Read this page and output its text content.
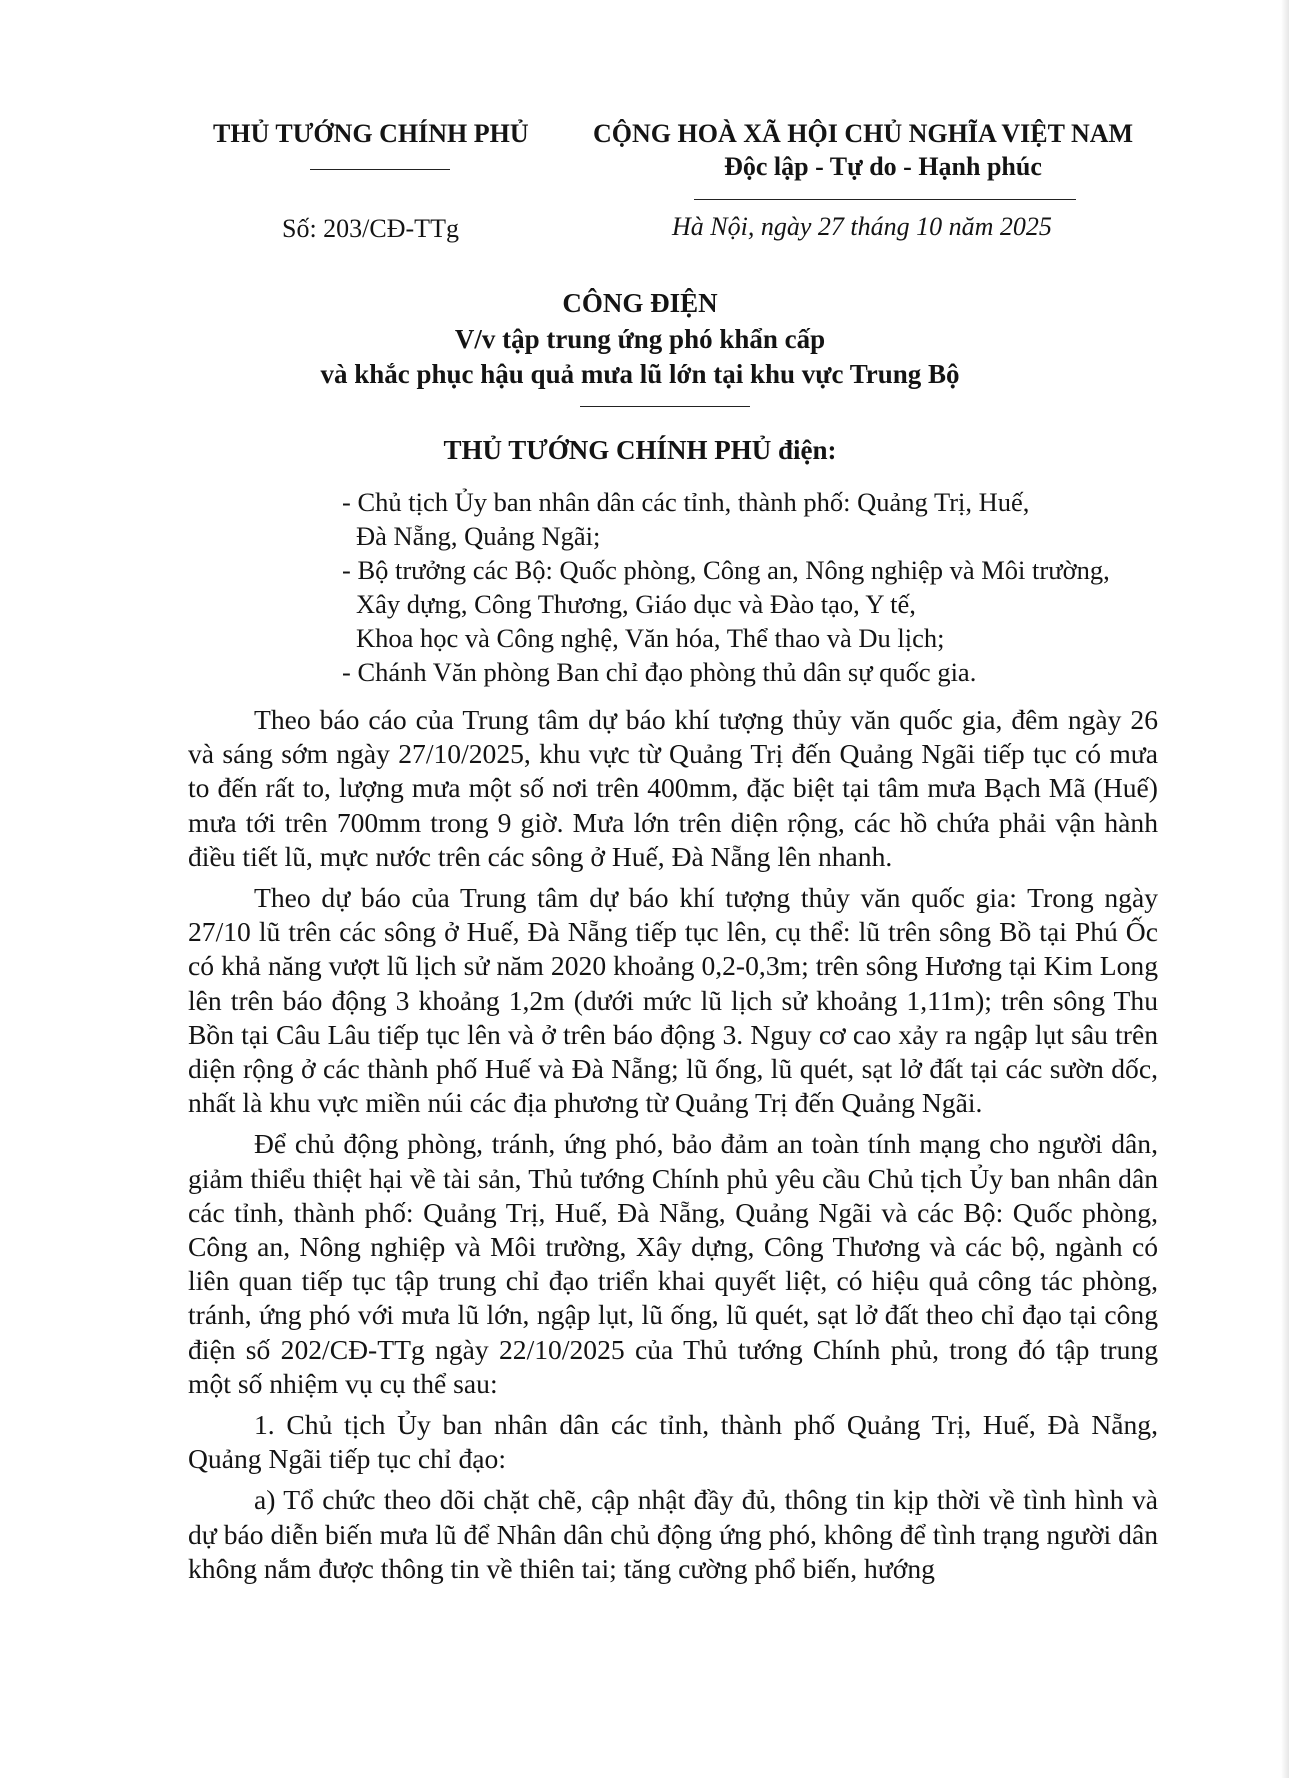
THỦ TƯỚNG CHÍNH PHỦ
Số: 203/CĐ-TTg
CỘNG HOÀ XÃ HỘI CHỦ NGHĨA VIỆT NAM
Độc lập - Tự do - Hạnh phúc
Hà Nội, ngày 27 tháng 10 năm 2025
CÔNG ĐIỆN
V/v tập trung ứng phó khẩn cấp
và khắc phục hậu quả mưa lũ lớn tại khu vực Trung Bộ
THỦ TƯỚNG CHÍNH PHỦ điện:
- Chủ tịch Ủy ban nhân dân các tỉnh, thành phố: Quảng Trị, Huế,
Đà Nẵng, Quảng Ngãi;
- Bộ trưởng các Bộ: Quốc phòng, Công an, Nông nghiệp và Môi trường,
Xây dựng, Công Thương, Giáo dục và Đào tạo, Y tế,
Khoa học và Công nghệ, Văn hóa, Thể thao và Du lịch;
- Chánh Văn phòng Ban chỉ đạo phòng thủ dân sự quốc gia.

Theo báo cáo của Trung tâm dự báo khí tượng thủy văn quốc gia, đêm ngày 26 và sáng sớm ngày 27/10/2025, khu vực từ Quảng Trị đến Quảng Ngãi tiếp tục có mưa to đến rất to, lượng mưa một số nơi trên 400mm, đặc biệt tại tâm mưa Bạch Mã (Huế) mưa tới trên 700mm trong 9 giờ. Mưa lớn trên diện rộng, các hồ chứa phải vận hành điều tiết lũ, mực nước trên các sông ở Huế, Đà Nẵng lên nhanh.

Theo dự báo của Trung tâm dự báo khí tượng thủy văn quốc gia: Trong ngày 27/10 lũ trên các sông ở Huế, Đà Nẵng tiếp tục lên, cụ thể: lũ trên sông Bồ tại Phú Ốc có khả năng vượt lũ lịch sử năm 2020 khoảng 0,2-0,3m; trên sông Hương tại Kim Long lên trên báo động 3 khoảng 1,2m (dưới mức lũ lịch sử khoảng 1,11m); trên sông Thu Bồn tại Câu Lâu tiếp tục lên và ở trên báo động 3. Nguy cơ cao xảy ra ngập lụt sâu trên diện rộng ở các thành phố Huế và Đà Nẵng; lũ ống, lũ quét, sạt lở đất tại các sườn dốc, nhất là khu vực miền núi các địa phương từ Quảng Trị đến Quảng Ngãi.

Để chủ động phòng, tránh, ứng phó, bảo đảm an toàn tính mạng cho người dân, giảm thiểu thiệt hại về tài sản, Thủ tướng Chính phủ yêu cầu Chủ tịch Ủy ban nhân dân các tỉnh, thành phố: Quảng Trị, Huế, Đà Nẵng, Quảng Ngãi và các Bộ: Quốc phòng, Công an, Nông nghiệp và Môi trường, Xây dựng, Công Thương và các bộ, ngành có liên quan tiếp tục tập trung chỉ đạo triển khai quyết liệt, có hiệu quả công tác phòng, tránh, ứng phó với mưa lũ lớn, ngập lụt, lũ ống, lũ quét, sạt lở đất theo chỉ đạo tại công điện số 202/CĐ-TTg ngày 22/10/2025 của Thủ tướng Chính phủ, trong đó tập trung một số nhiệm vụ cụ thể sau:

1. Chủ tịch Ủy ban nhân dân các tỉnh, thành phố Quảng Trị, Huế, Đà Nẵng, Quảng Ngãi tiếp tục chỉ đạo:

a) Tổ chức theo dõi chặt chẽ, cập nhật đầy đủ, thông tin kịp thời về tình hình và dự báo diễn biến mưa lũ để Nhân dân chủ động ứng phó, không để tình trạng người dân không nắm được thông tin về thiên tai; tăng cường phổ biến, hướng
